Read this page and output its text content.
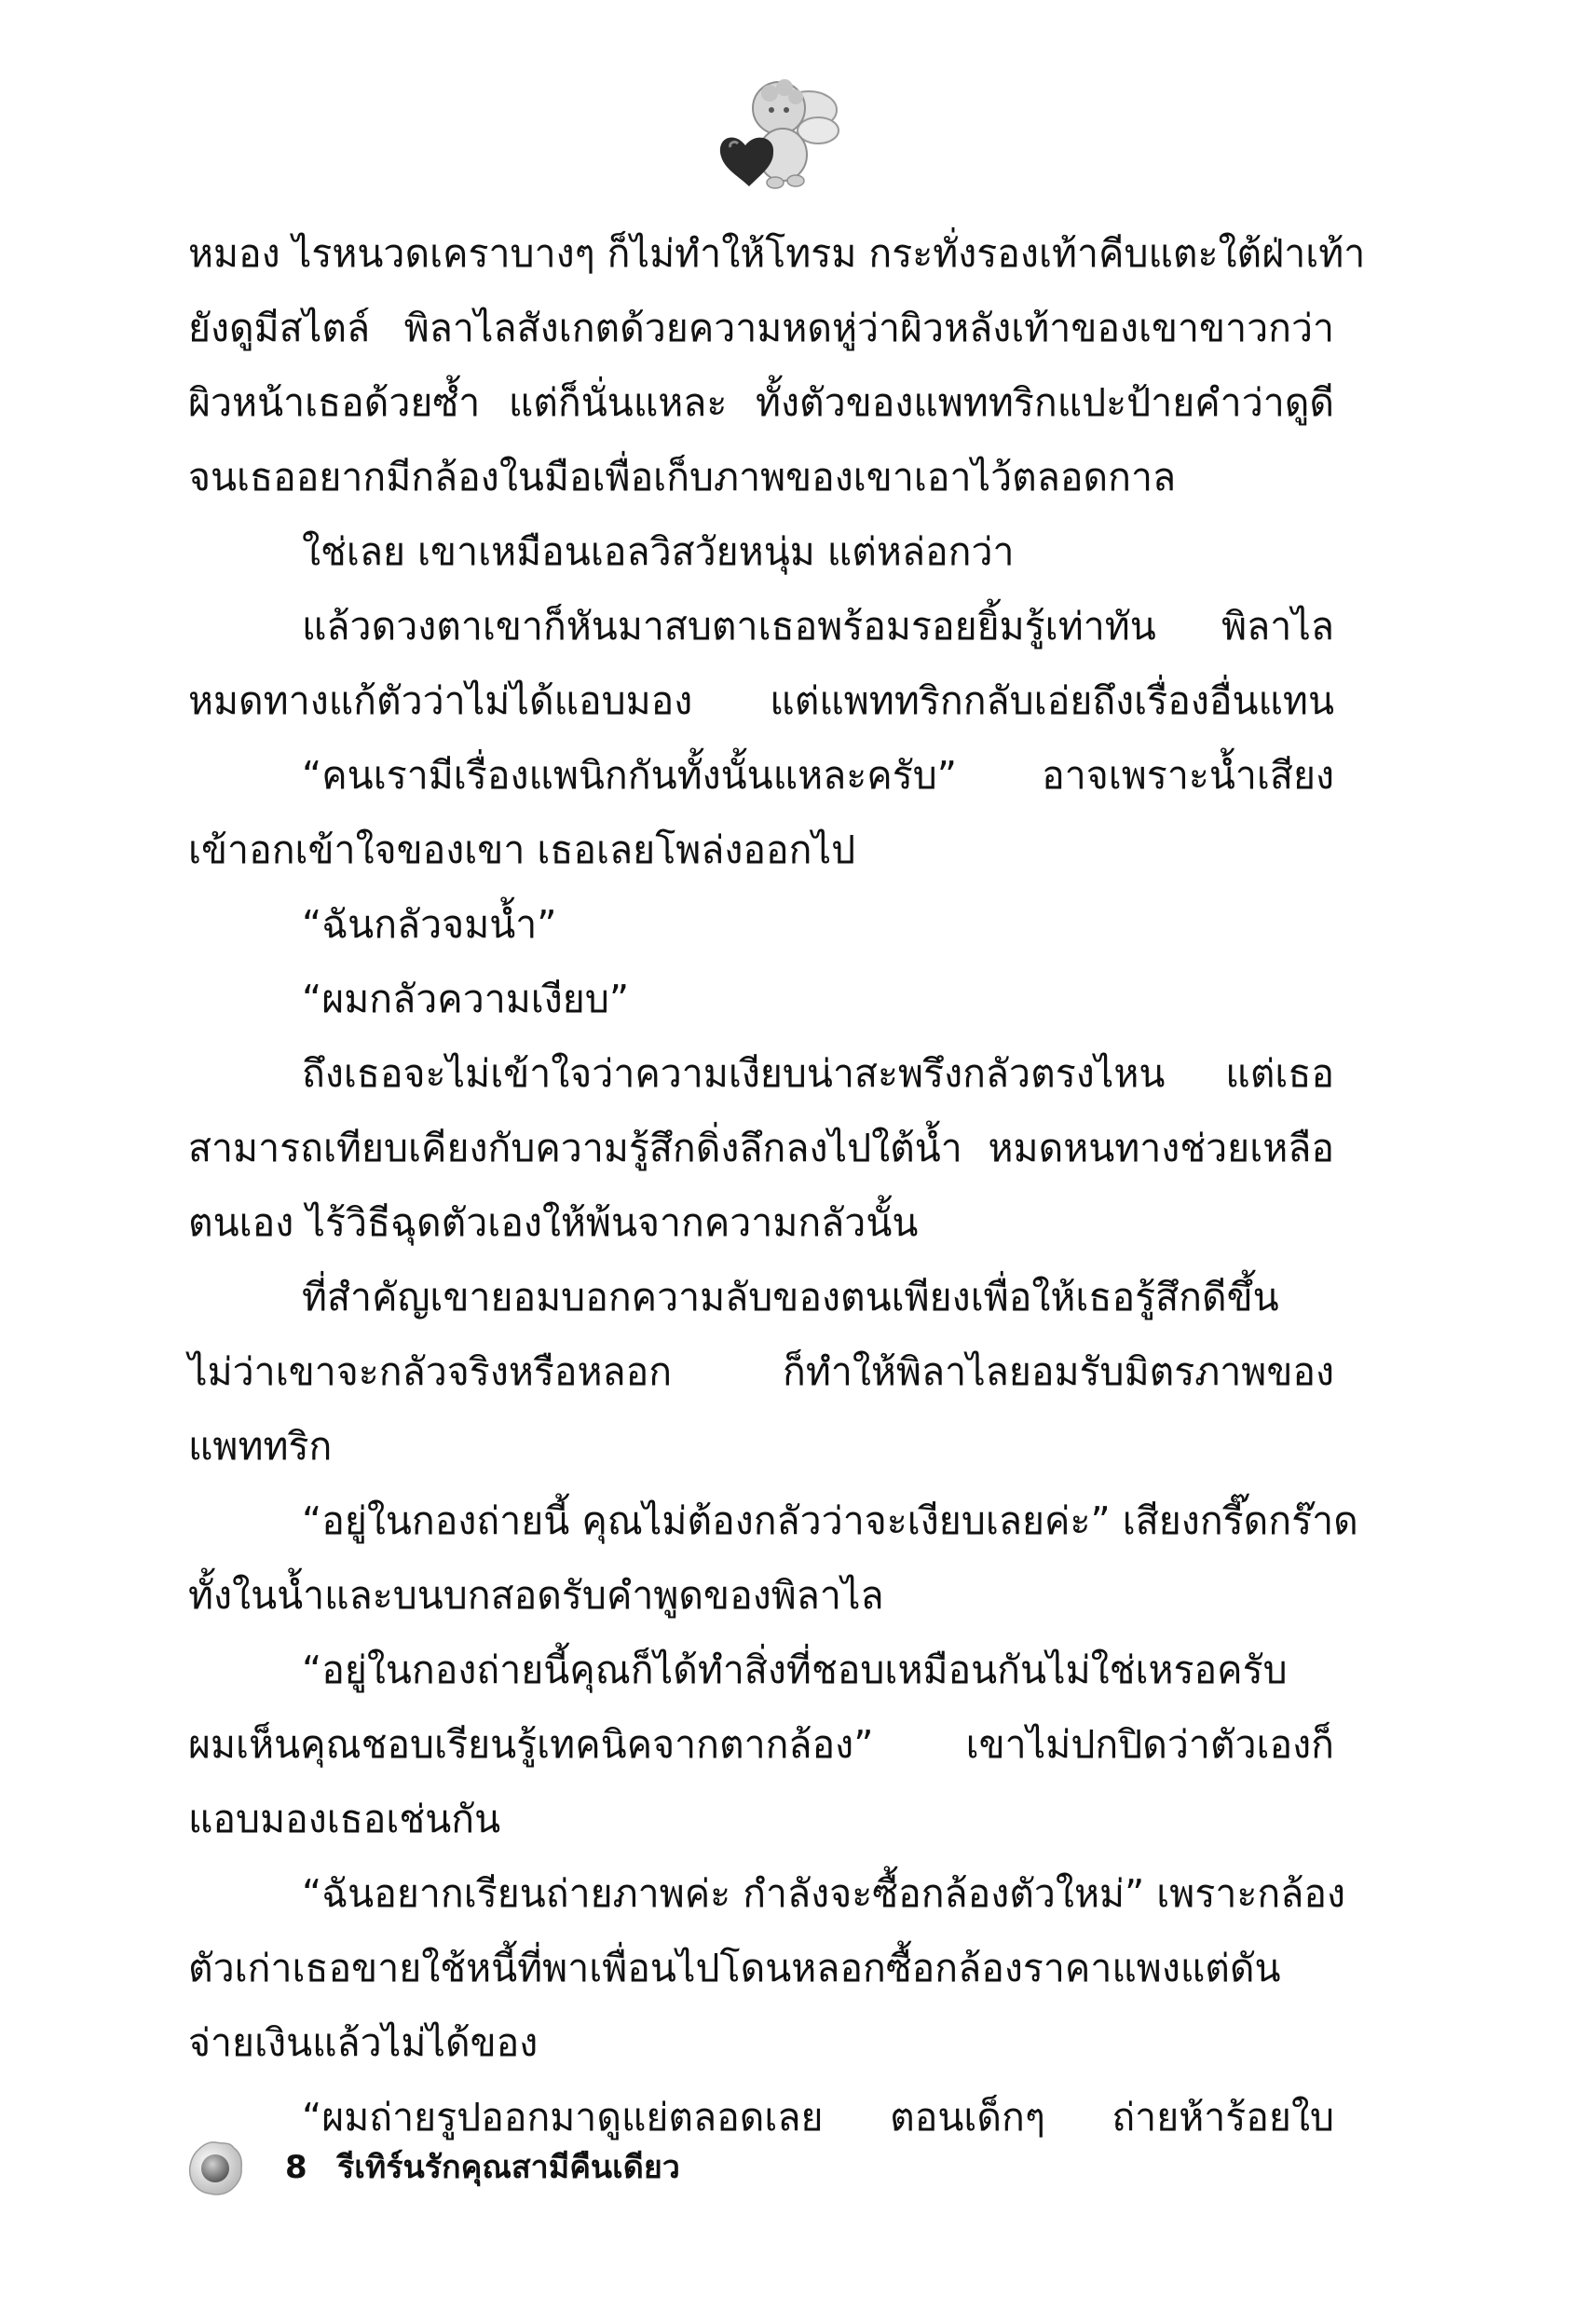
หมอง ไรหนวดเคราบางๆ ก็ไม่ทำให้โทรม กระทั่งรองเท้าคีบแตะใต้ฝ่าเท้า
ยังดูมีสไตล์ พิลาไลสังเกตด้วยความหดหู่ว่าผิวหลังเท้าของเขาขาวกว่า
ผิวหน้าเธอด้วยซ้ำ แต่ก็นั่นแหละ ทั้งตัวของแพททริกแปะป้ายคำว่าดูดี
จนเธออยากมีกล้องในมือเพื่อเก็บภาพของเขาเอาไว้ตลอดกาล
ใช่เลย เขาเหมือนเอลวิสวัยหนุ่ม แต่หล่อกว่า
แล้วดวงตาเขาก็หันมาสบตาเธอพร้อมรอยยิ้มรู้เท่าทัน พิลาไล
หมดทางแก้ตัวว่าไม่ได้แอบมอง แต่แพททริกกลับเอ่ยถึงเรื่องอื่นแทน
“คนเรามีเรื่องแพนิกกันทั้งนั้นแหละครับ” อาจเพราะน้ำเสียง
เข้าอกเข้าใจของเขา เธอเลยโพล่งออกไป
“ฉันกลัวจมน้ำ”
“ผมกลัวความเงียบ”
ถึงเธอจะไม่เข้าใจว่าความเงียบน่าสะพรึงกลัวตรงไหน แต่เธอ
สามารถเทียบเคียงกับความรู้สึกดิ่งลึกลงไปใต้น้ำ หมดหนทางช่วยเหลือ
ตนเอง ไร้วิธีฉุดตัวเองให้พ้นจากความกลัวนั้น
ที่สำคัญเขายอมบอกความลับของตนเพียงเพื่อให้เธอรู้สึกดีขึ้น
ไม่ว่าเขาจะกลัวจริงหรือหลอก ก็ทำให้พิลาไลยอมรับมิตรภาพของ
แพททริก
“อยู่ในกองถ่ายนี้ คุณไม่ต้องกลัวว่าจะเงียบเลยค่ะ” เสียงกรี๊ดกร๊าด
ทั้งในน้ำและบนบกสอดรับคำพูดของพิลาไล
“อยู่ในกองถ่ายนี้คุณก็ได้ทำสิ่งที่ชอบเหมือนกันไม่ใช่เหรอครับ
ผมเห็นคุณชอบเรียนรู้เทคนิคจากตากล้อง” เขาไม่ปกปิดว่าตัวเองก็
แอบมองเธอเช่นกัน
“ฉันอยากเรียนถ่ายภาพค่ะ กำลังจะซื้อกล้องตัวใหม่” เพราะกล้อง
ตัวเก่าเธอขายใช้หนี้ที่พาเพื่อนไปโดนหลอกซื้อกล้องราคาแพงแต่ดัน
จ่ายเงินแล้วไม่ได้ของ
“ผมถ่ายรูปออกมาดูแย่ตลอดเลย ตอนเด็กๆ ถ่ายห้าร้อยใบ
8 รีเทิร์นรักคุณสามีคืนเดียว
